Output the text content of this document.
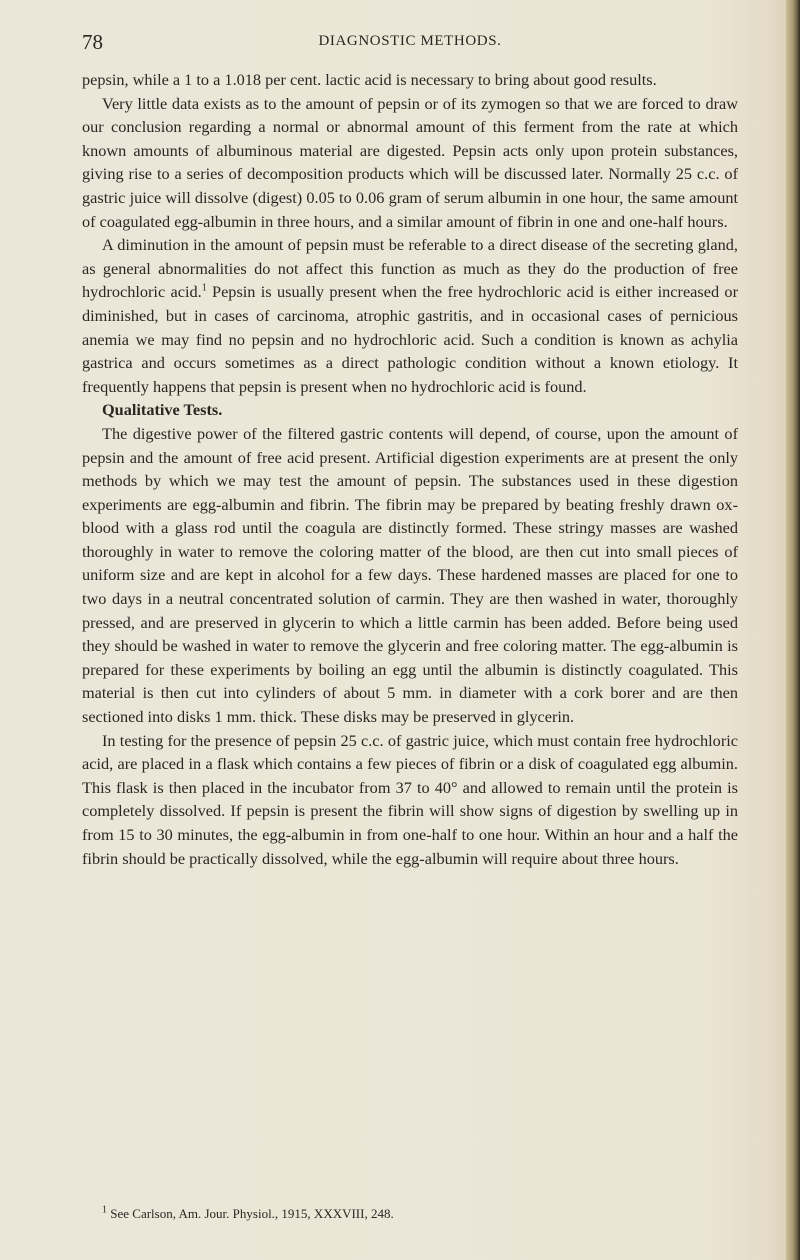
78	DIAGNOSTIC METHODS.

pepsin, while a 1 to a 1.018 per cent. lactic acid is necessary to bring about good results.

Very little data exists as to the amount of pepsin or of its zymogen so that we are forced to draw our conclusion regarding a normal or abnormal amount of this ferment from the rate at which known amounts of albuminous material are digested. Pepsin acts only upon protein substances, giving rise to a series of decomposition products which will be discussed later. Normally 25 c.c. of gastric juice will dissolve (digest) 0.05 to 0.06 gram of serum albumin in one hour, the same amount of coagulated egg-albumin in three hours, and a similar amount of fibrin in one and one-half hours.

A diminution in the amount of pepsin must be referable to a direct disease of the secreting gland, as general abnormalities do not affect this function as much as they do the production of free hydrochloric acid.$^1$ Pepsin is usually present when the free hydrochloric acid is either increased or diminished, but in cases of carcinoma, atrophic gastritis, and in occasional cases of pernicious anemia we may find no pepsin and no hydrochloric acid. Such a condition is known as achylia gastrica and occurs sometimes as a direct pathologic condition without a known etiology. It frequently happens that pepsin is present when no hydrochloric acid is found.

Qualitative Tests.

The digestive power of the filtered gastric contents will depend, of course, upon the amount of pepsin and the amount of free acid present. Artificial digestion experiments are at present the only methods by which we may test the amount of pepsin. The substances used in these digestion experiments are egg-albumin and fibrin. The fibrin may be prepared by beating freshly drawn ox-blood with a glass rod until the coagula are distinctly formed. These stringy masses are washed thoroughly in water to remove the coloring matter of the blood, are then cut into small pieces of uniform size and are kept in alcohol for a few days. These hardened masses are placed for one to two days in a neutral concentrated solution of carmin. They are then washed in water, thoroughly pressed, and are preserved in glycerin to which a little carmin has been added. Before being used they should be washed in water to remove the glycerin and free coloring matter. The egg-albumin is prepared for these experiments by boiling an egg until the albumin is distinctly coagulated. This material is then cut into cylinders of about 5 mm. in diameter with a cork borer and are then sectioned into disks 1 mm. thick. These disks may be preserved in glycerin.

In testing for the presence of pepsin 25 c.c. of gastric juice, which must contain free hydrochloric acid, are placed in a flask which contains a few pieces of fibrin or a disk of coagulated egg albumin. This flask is then placed in the incubator from 37 to 40° and allowed to remain until the protein is completely dissolved. If pepsin is present the fibrin will show signs of digestion by swelling up in from 15 to 30 minutes, the egg-albumin in from one-half to one hour. Within an hour and a half the fibrin should be practically dissolved, while the egg-albumin will require about three hours.

$^1$ See Carlson, Am. Jour. Physiol., 1915, XXXVIII, 248.
